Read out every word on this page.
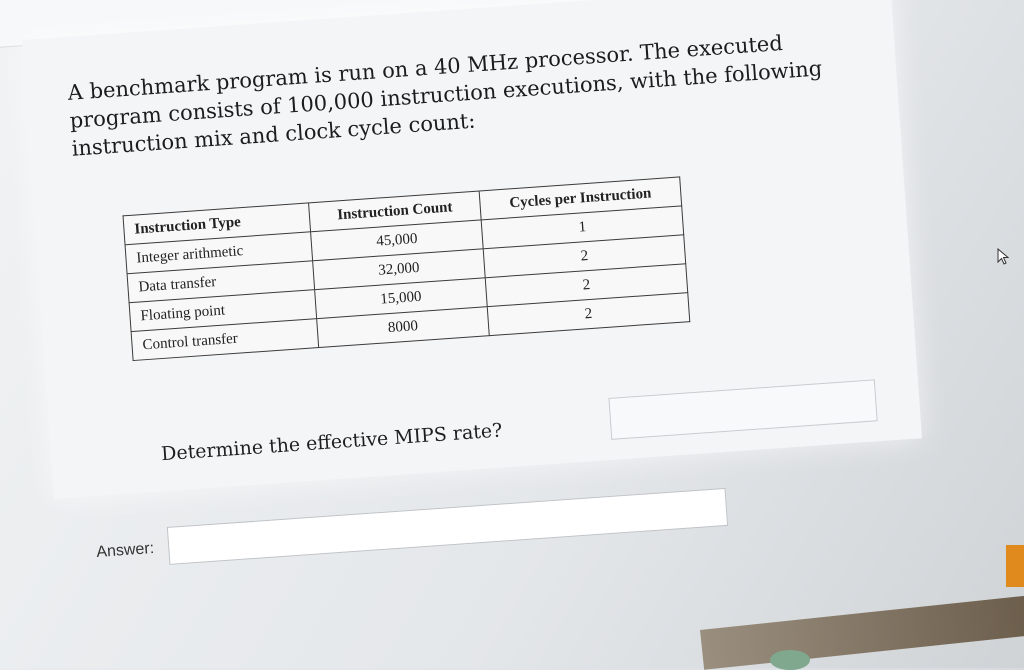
A benchmark program is run on a 40 MHz processor. The executed program consists of 100,000 instruction executions, with the following instruction mix and clock cycle count:

Instruction Type	Instruction Count	Cycles per Instruction
Integer arithmetic	45,000	1
Data transfer	32,000	2
Floating point	15,000	2
Control transfer	8000	2
Determine the effective MIPS rate?
Answer:
